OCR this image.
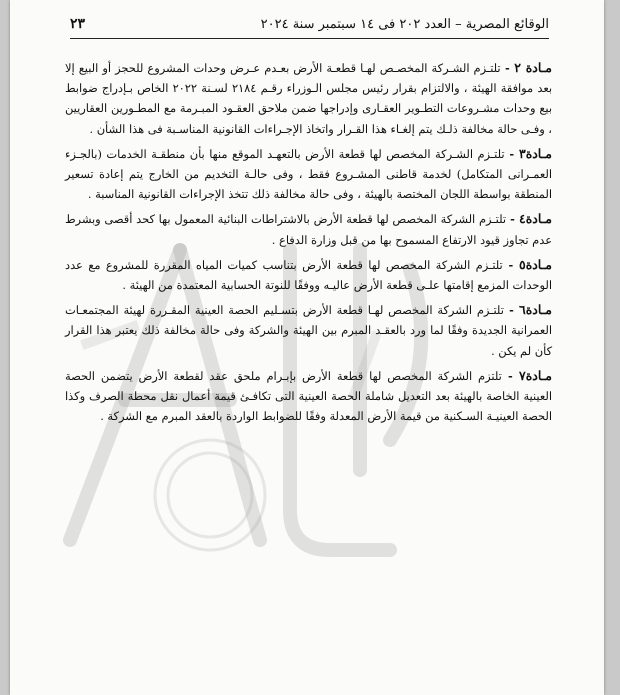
الوقائع المصرية – العدد ٢٠٢ فى ١٤ سبتمبر سنة ٢٠٢٤
٢٣

مـادة ٢ - تلتـزم الشـركة المخصـص لهـا قطعـة الأرض بعـدم عـرض وحدات المشروع للحجز أو البيع إلا بعد موافقة الهيئة ، والالتزام بقرار رئيس مجلس الـوزراء رقـم ٢١٨٤ لسـنة ٢٠٢٢ الخاص بـإدراج ضوابط بيع وحدات مشـروعات التطـوير العقـارى وإدراجها ضمن ملاحق العقـود المبـرمة مع المطـورين العقاريين ، وفـى حالة مخالفة ذلـك يتم إلغـاء هذا القـرار واتخاذ الإجـراءات القانونية المناسـبة فى هذا الشأن .

مـادة٣ - تلتـزم الشـركة المخصص لها قطعة الأرض بالتعهـد الموقع منها بأن منطقـة الخدمات (بالجـزء العمـرانى المتكامل) لخدمة قاطنى المشـروع فقط ، وفى حالـة التخديم من الخارج يتم إعادة تسعير المنطقة بواسطة اللجان المختصة بالهيئة ، وفى حالة مخالفة ذلك تتخذ الإجراءات القانونية المناسبة .

مـادة٤ - تلتـزم الشركة المخصص لها قطعة الأرض بالاشتراطات البنائية المعمول بها كحد أقصى وبشرط عدم تجاوز قيود الارتفاع المسموح بها من قبل وزارة الدفاع .

مـادة٥ - تلتـزم الشركة المخصص لها قطعة الأرض بتناسب كميات المياه المقررة للمشروع مع عدد الوحدات المزمع إقامتها علـى قطعة الأرض عاليـه ووفقًا للنوتة الحسابية المعتمدة من الهيئة .

مـادة٦ - تلتـزم الشركة المخصص لهـا قطعة الأرض بتسـليم الحصة العينية المقـررة لهيئة المجتمعـات العمرانية الجديدة وفقًا لما ورد بالعقـد المبرم بين الهيئة والشركة وفى حالة مخالفة ذلك يعتبر هذا القرار كأن لم يكن .

مـادة٧ - تلتزم الشركة المخصص لها قطعة الأرض بإبـرام ملحق عقد لقطعة الأرض يتضمن الحصة العينية الخاصة بالهيئة بعد التعديل شاملة الحصة العينية التى تكافـئ قيمة أعمال نقل محطة الصرف وكذا الحصة العينيـة السـكنية من قيمة الأرض المعدلة وفقًا للضوابط الواردة بالعقد المبرم مع الشركة .
